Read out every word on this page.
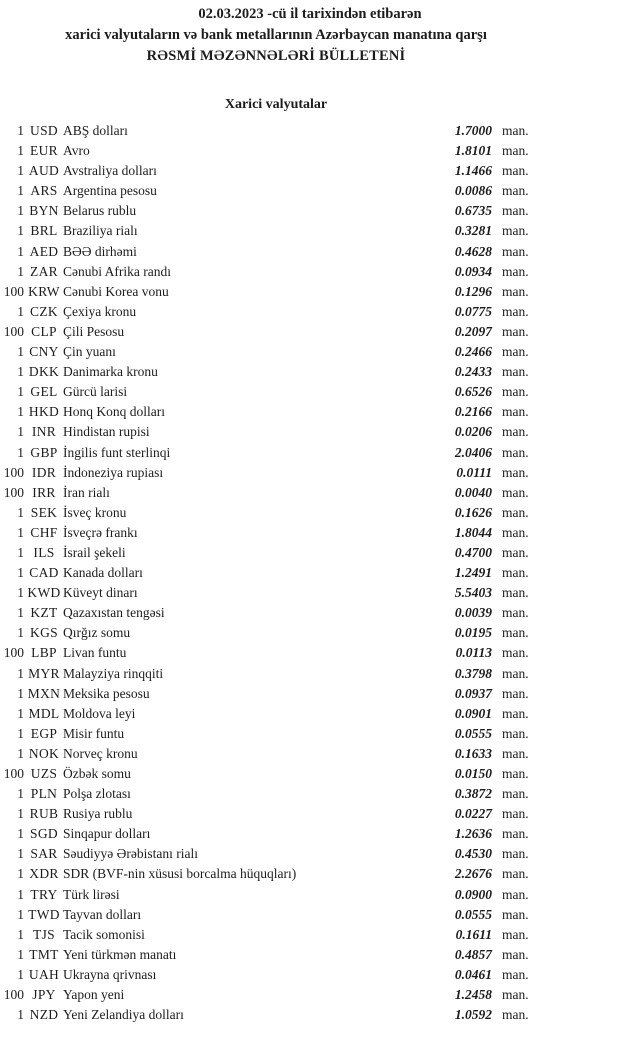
02.03.2023 -cü il tarixindən etibarən
xarici valyutaların və bank metallarının Azərbaycan manatına qarşı
RƏSMİ MƏZƏNNƏLƏRİ BÜLLETENİ
Xarici valyutalar
1 USD ABŞ dolları	1.7000 man.
1 EUR Avro	1.8101 man.
1 AUD Avstraliya dolları	1.1466 man.
1 ARS Argentina pesosu	0.0086 man.
1 BYN Belarus rublu	0.6735 man.
1 BRL Braziliya rialı	0.3281 man.
1 AED BƏƏ dirhəmi	0.4628 man.
1 ZAR Cənubi Afrika randı	0.0934 man.
100 KRW Cənubi Korea vonu	0.1296 man.
1 CZK Çexiya kronu	0.0775 man.
100 CLP Çili Pesosu	0.2097 man.
1 CNY Çin yuanı	0.2466 man.
1 DKK Danimarka kronu	0.2433 man.
1 GEL Gürcü larisi	0.6526 man.
1 HKD Honq Konq dolları	0.2166 man.
1 INR Hindistan rupisi	0.0206 man.
1 GBP İngilis funt sterlinqi	2.0406 man.
100 IDR İndoneziya rupiası	0.0111 man.
100 IRR İran rialı	0.0040 man.
1 SEK İsveç kronu	0.1626 man.
1 CHF İsveçrə frankı	1.8044 man.
1 ILS İsrail şekeli	0.4700 man.
1 CAD Kanada dolları	1.2491 man.
1 KWD Küveyt dinarı	5.5403 man.
1 KZT Qazaxıstan tengəsi	0.0039 man.
1 KGS Qırğız somu	0.0195 man.
100 LBP Livan funtu	0.0113 man.
1 MYR Malayziya rinqqiti	0.3798 man.
1 MXN Meksika pesosu	0.0937 man.
1 MDL Moldova leyi	0.0901 man.
1 EGP Misir funtu	0.0555 man.
1 NOK Norveç kronu	0.1633 man.
100 UZS Özbək somu	0.0150 man.
1 PLN Polşa zlotası	0.3872 man.
1 RUB Rusiya rublu	0.0227 man.
1 SGD Sinqapur dolları	1.2636 man.
1 SAR Səudiyyə Ərəbistanı rialı	0.4530 man.
1 XDR SDR (BVF-nin xüsusi borcalma hüquqları)	2.2676 man.
1 TRY Türk lirəsi	0.0900 man.
1 TWD Tayvan dolları	0.0555 man.
1 TJS Tacik somonisi	0.1611 man.
1 TMT Yeni türkmən manatı	0.4857 man.
1 UAH Ukrayna qrivnası	0.0461 man.
100 JPY Yapon yeni	1.2458 man.
1 NZD Yeni Zelandiya dolları	1.0592 man.
